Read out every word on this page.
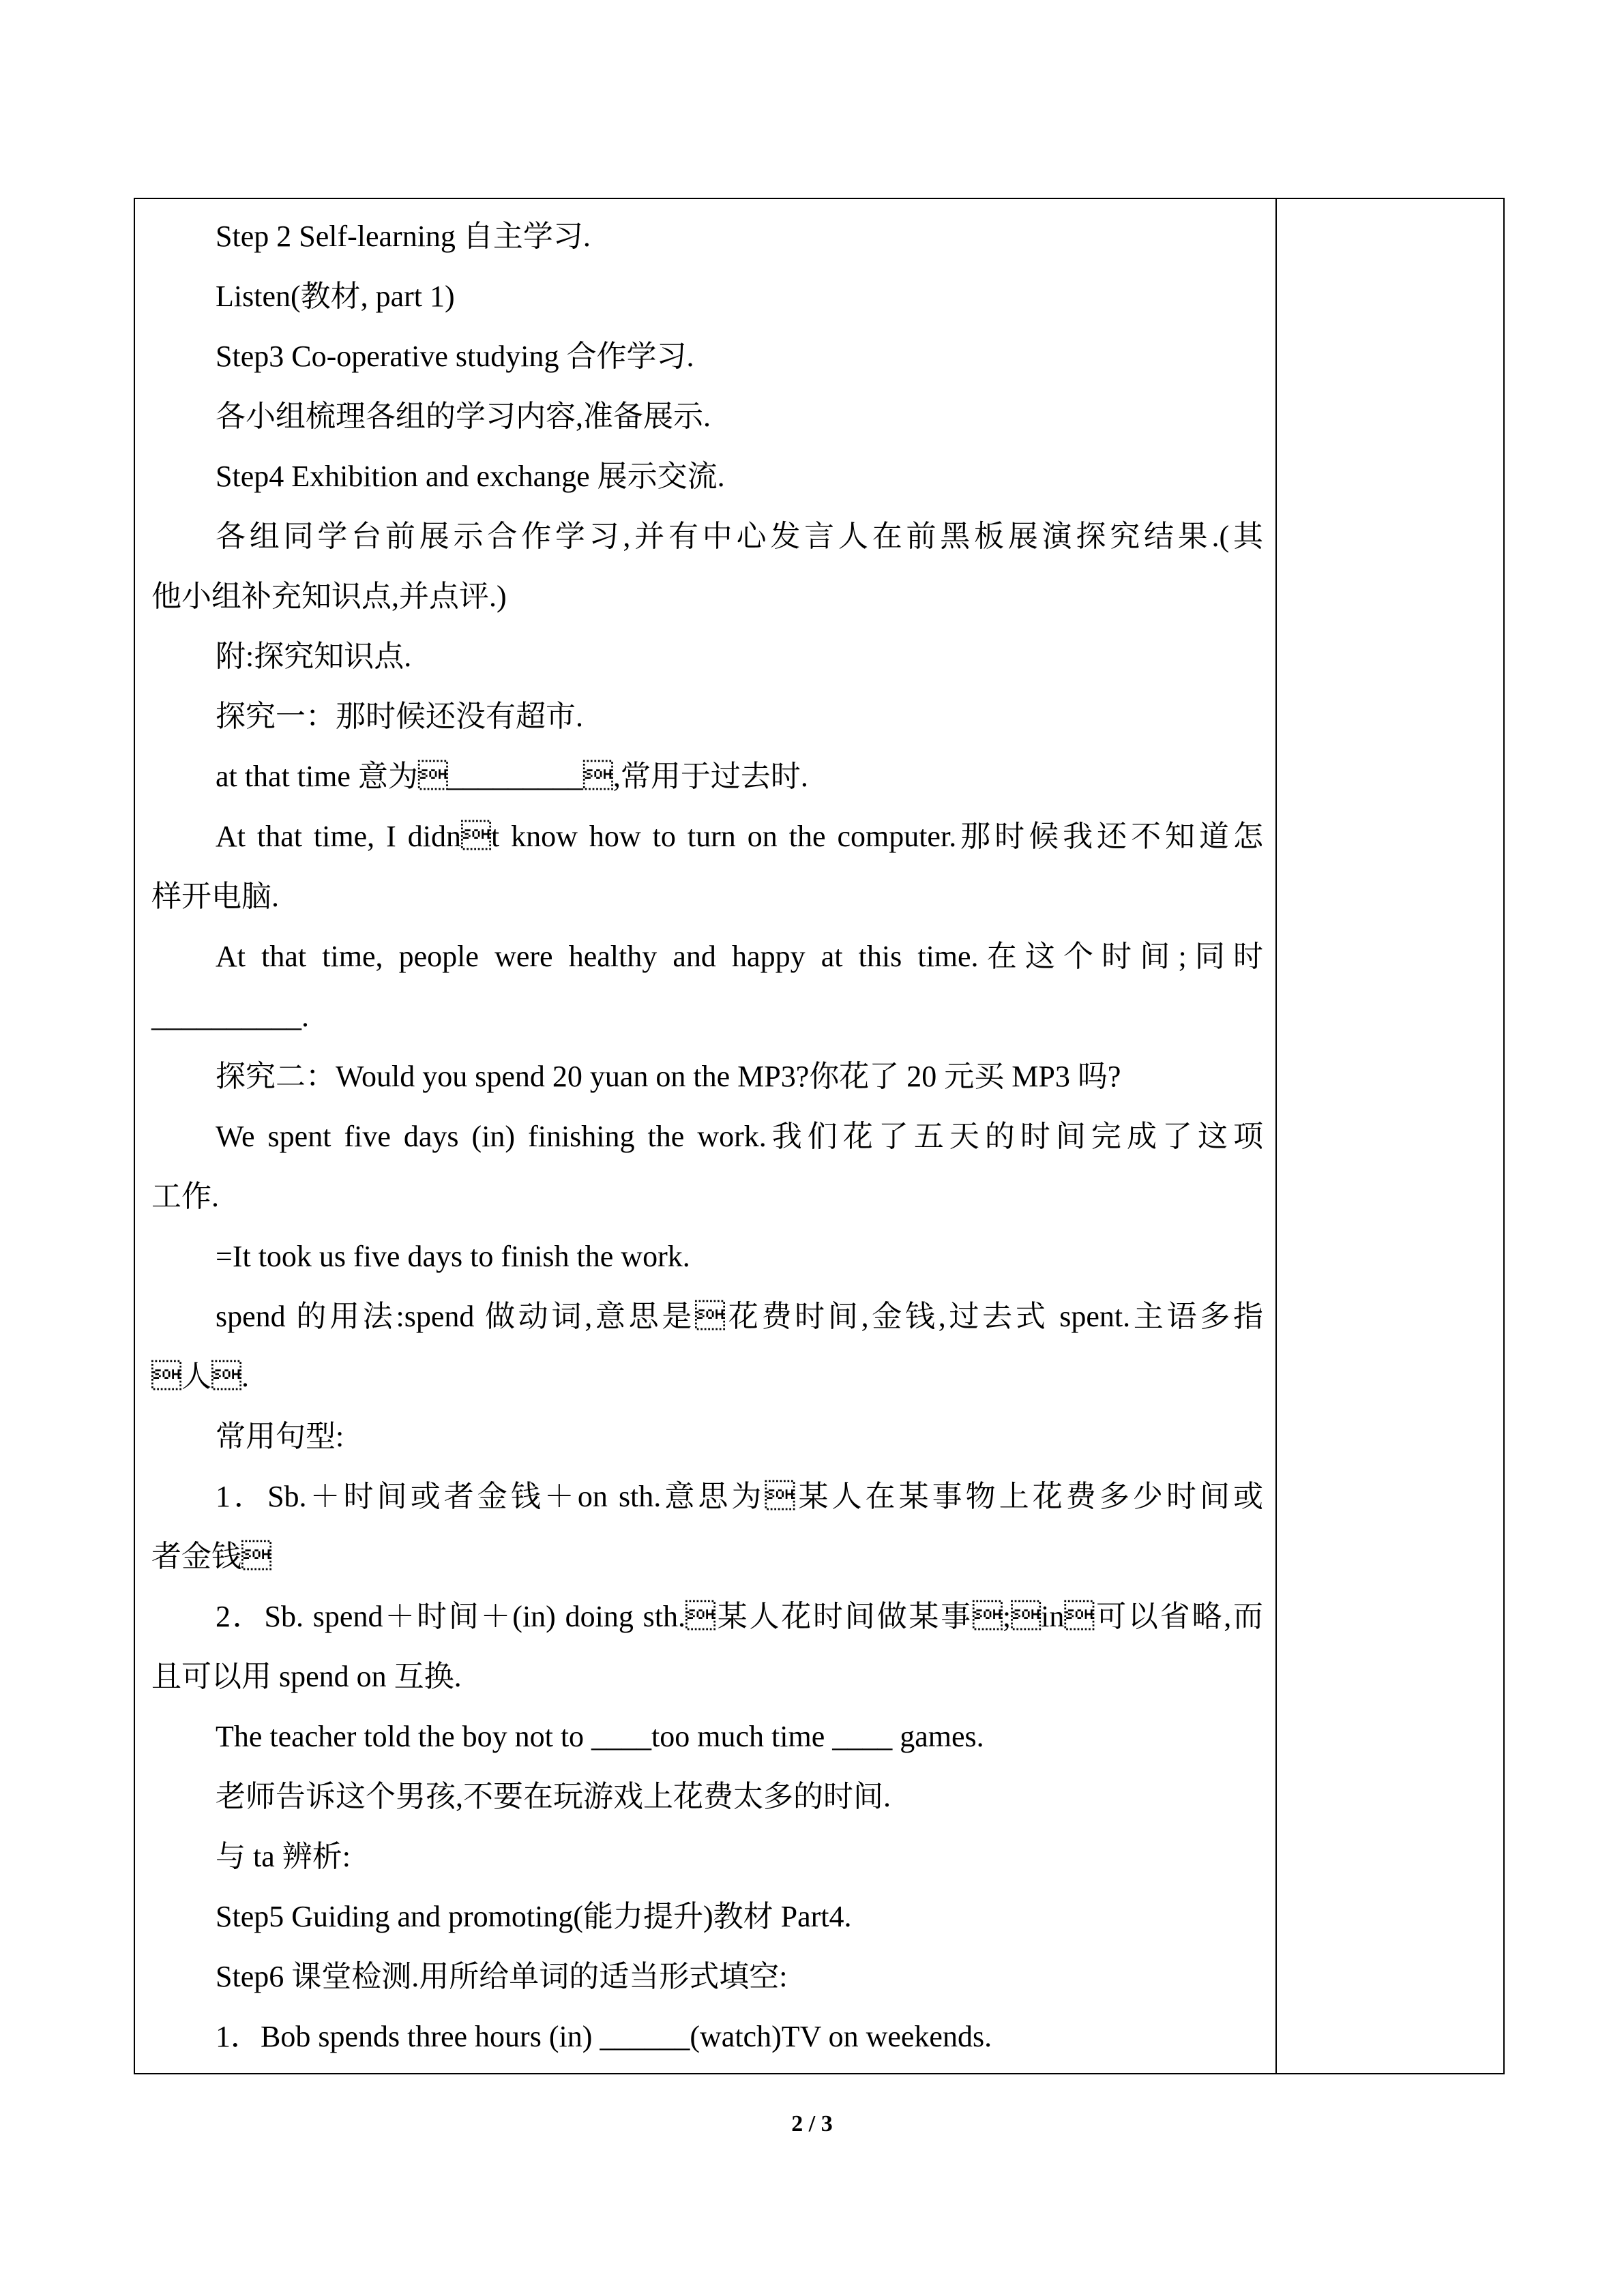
Step 2 Self-learning 自主学习.
Listen(教材, part 1)
Step3 Co-operative studying 合作学习.
各小组梳理各组的学习内容,准备展示.
Step4 Exhibition and exchange 展示交流.
各组同学台前展示合作学习,并有中心发言人在前黑板展演探究结果.(其
他小组补充知识点,并点评.)
附:探究知识点.
探究一：那时候还没有超市.
at that time 意为_________,常用于过去时.
At that time, I didnt know how to turn on the computer.那时候我还不知道怎
样开电脑.
At that time, people were healthy and happy at this time.在这个时间;同时
__________.
探究二：Would you spend 20 yuan on the MP3?你花了 20 元买 MP3 吗?
We spent five days (in) finishing the work.我们花了五天的时间完成了这项
工作.
=It took us five days to finish the work.
spend 的用法:spend 做动词,意思是花费时间,金钱,过去式 spent.主语多指
人.
常用句型:
1．Sb.＋时间或者金钱＋on sth.意思为某人在某事物上花费多少时间或
者金钱
2．Sb. spend＋时间＋(in) doing sth.某人花时间做某事;in可以省略,而
且可以用 spend on 互换.
The teacher told the boy not to ____too much time ____ games.
老师告诉这个男孩,不要在玩游戏上花费太多的时间.
与 ta 辨析:
Step5 Guiding and promoting(能力提升)教材 Part4.
Step6 课堂检测.用所给单词的适当形式填空:
1．Bob spends three hours (in) ______(watch)TV on weekends.
2 / 3
